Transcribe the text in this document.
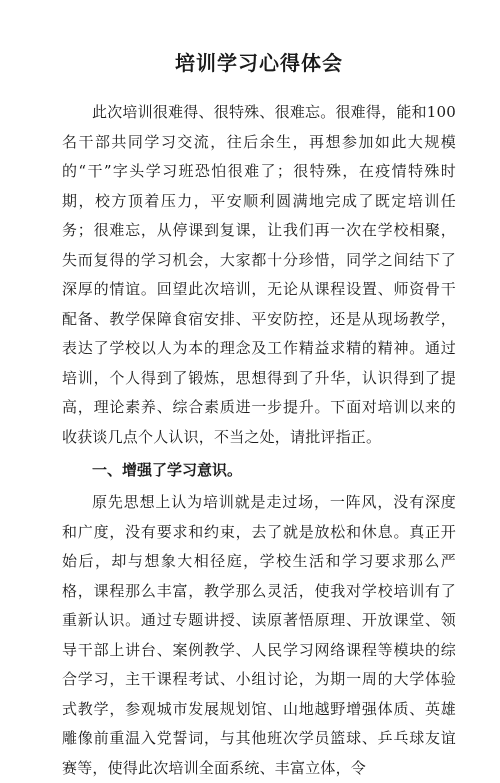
培训学习心得体会

此次培训很难得、很特殊、很难忘。很难得，能和100名干部共同学习交流，往后余生，再想参加如此大规模的“干”字头学习班恐怕很难了；很特殊，在疫情特殊时期，校方顶着压力，平安顺利圆满地完成了既定培训任务；很难忘，从停课到复课，让我们再一次在学校相聚，失而复得的学习机会，大家都十分珍惜，同学之间结下了深厚的情谊。回望此次培训，无论从课程设置、师资骨干配备、教学保障食宿安排、平安防控，还是从现场教学，表达了学校以人为本的理念及工作精益求精的精神。通过培训，个人得到了锻炼，思想得到了升华，认识得到了提高，理论素养、综合素质进一步提升。下面对培训以来的收获谈几点个人认识，不当之处，请批评指正。

一、增强了学习意识。

原先思想上认为培训就是走过场，一阵风，没有深度和广度，没有要求和约束，去了就是放松和休息。真正开始后，却与想象大相径庭，学校生活和学习要求那么严格，课程那么丰富，教学那么灵活，使我对学校培训有了重新认识。通过专题讲授、读原著悟原理、开放课堂、领导干部上讲台、案例教学、人民学习网络课程等模块的综合学习，主干课程考试、小组讨论，为期一周的大学体验式教学，参观城市发展规划馆、山地越野增强体质、英雄雕像前重温入党誓词，与其他班次学员篮球、乒乓球友谊赛等，使得此次培训全面系统、丰富立体，令
